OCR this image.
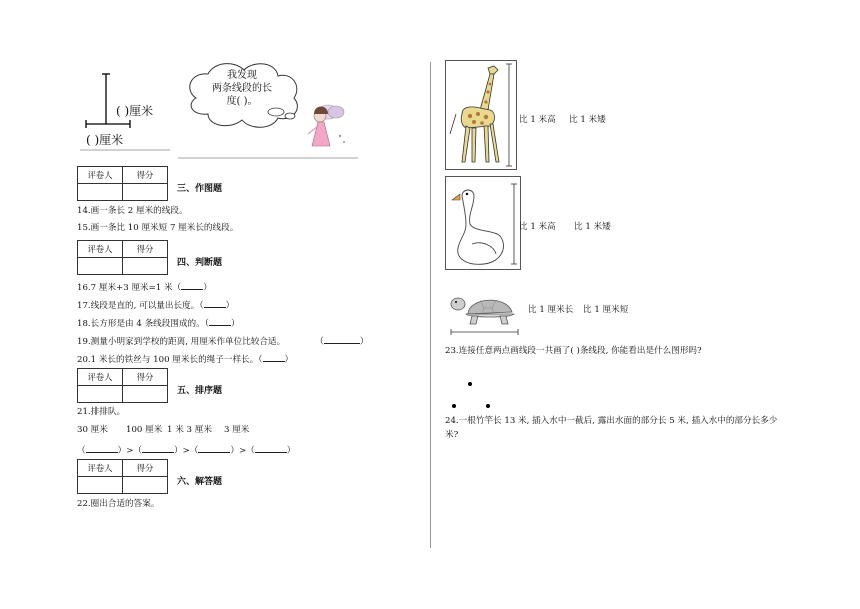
( )厘米
( )厘米
我发现
两条线段的长
度( )。
评卷人	得分

三、作图题
14.画一条长 2 厘米的线段。
15.画一条比 10 厘米短 7 厘米长的线段。
评卷人	得分

四、判断题
16.7 厘米+3 厘米=1 米（	）
17.线段是直的, 可以量出长度。（	）
18.长方形是由 4 条线段围成的。（	）
19.测量小明家到学校的距离, 用厘米作单位比较合适。	（	）
20.1 米长的铁丝与 100 厘米长的绳子一样长。（	）
评卷人	得分

五、排序题
21.排排队。
30 厘米 100 厘米 1 米 3 厘米 3 厘米
（	）>（	）>（	）>（	）
评卷人	得分

六、解答题
22.圈出合适的答案。
比 1 米高 比 1 米矮
比 1 米高 比 1 米矮
比 1 厘米长 比 1 厘米短
23.连接任意两点画线段一共画了( )条线段, 你能看出是什么图形吗?
24.一根竹竿长 13 米, 插入水中一截后, 露出水面的部分长 5 米, 插入水中的部分长多少
米?
